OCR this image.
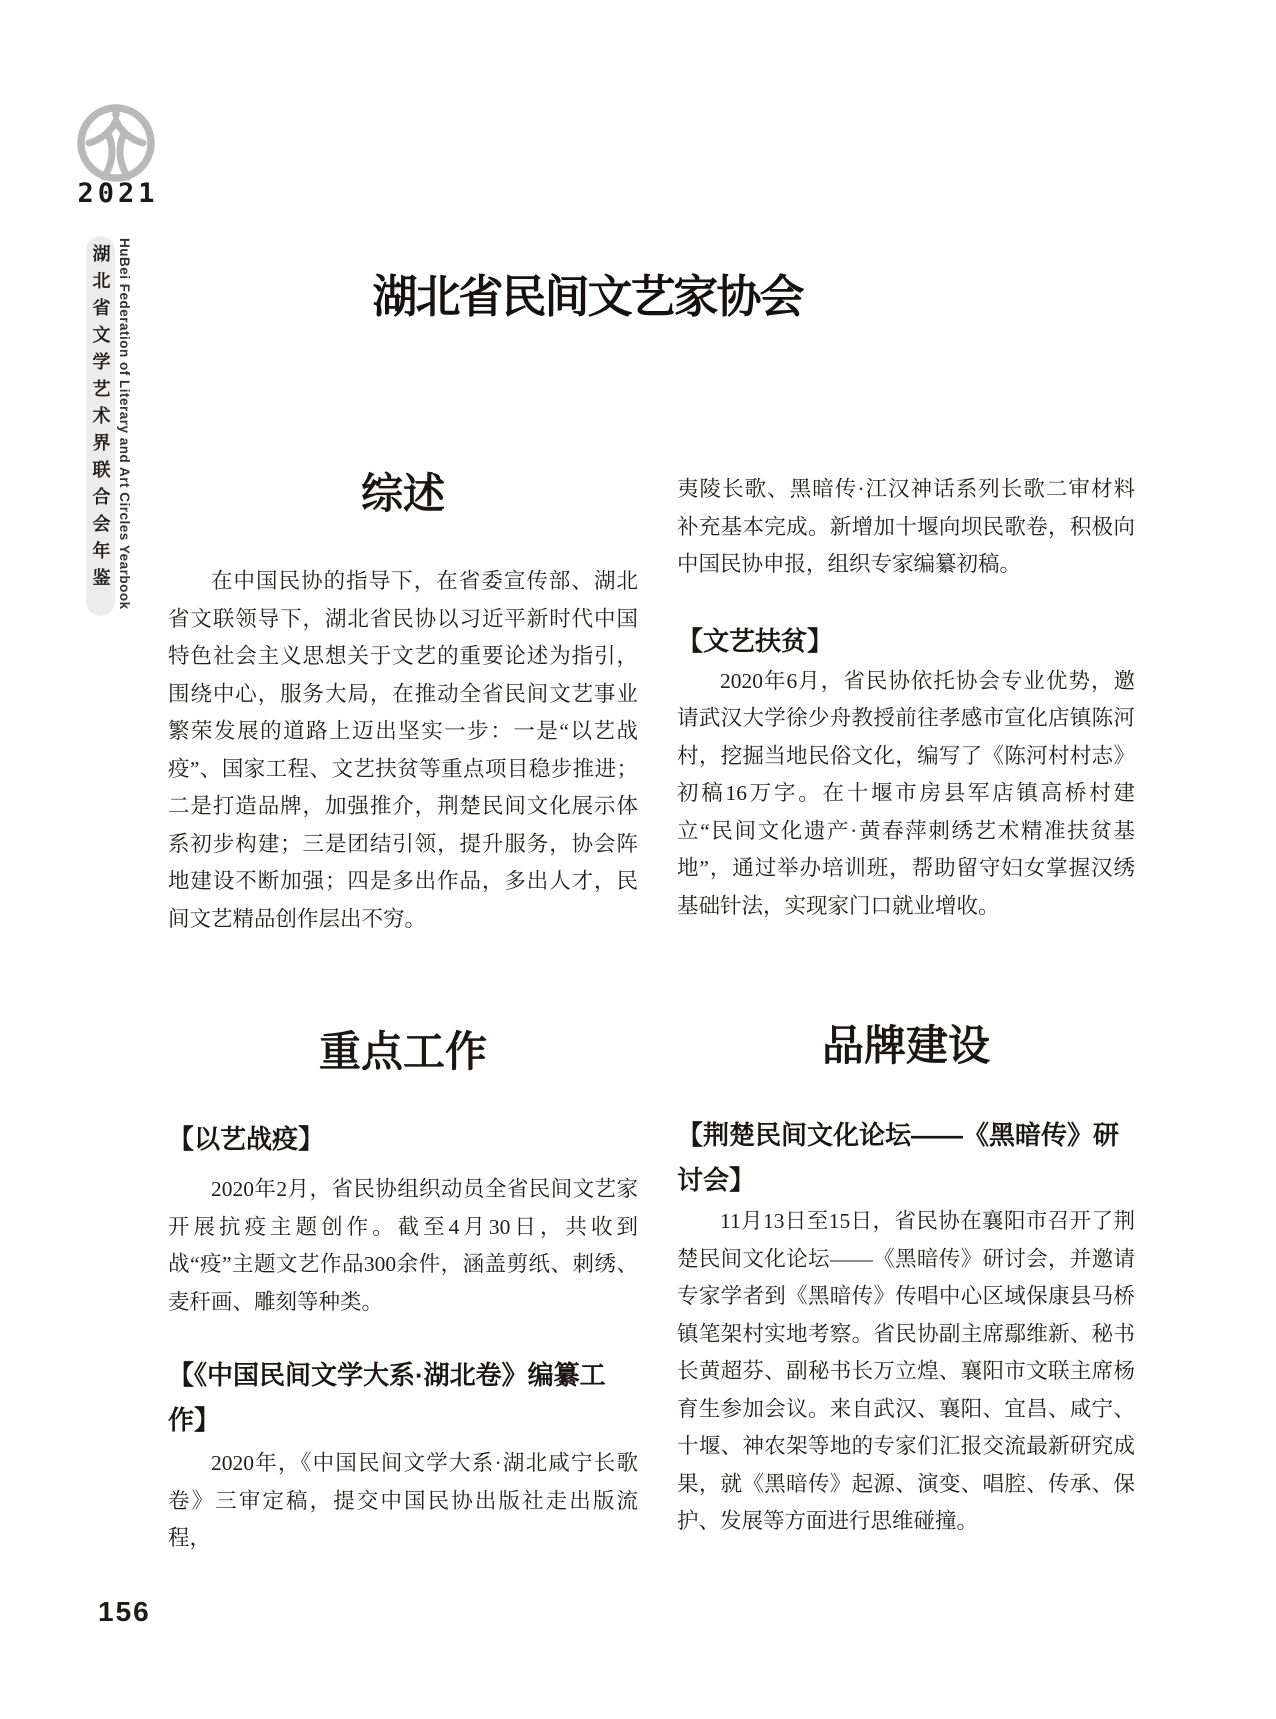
2021
湖北省文学艺术界联合会年鉴 HuBei Federation of Literary and Art Circles Yearbook	湖北省民间文艺家协会
综述

在中国民协的指导下，在省委宣传部、湖北省文联领导下，湖北省民协以习近平新时代中国特色社会主义思想关于文艺的重要论述为指引，围绕中心，服务大局，在推动全省民间文艺事业繁荣发展的道路上迈出坚实一步：一是“以艺战疫”、国家工程、文艺扶贫等重点项目稳步推进；二是打造品牌，加强推介，荆楚民间文化展示体系初步构建；三是团结引领，提升服务，协会阵地建设不断加强；四是多出作品，多出人才，民间文艺精品创作层出不穷。

重点工作
【以艺战疫】

2020年2月，省民协组织动员全省民间文艺家开展抗疫主题创作。截至4月30日，共收到战“疫”主题文艺作品300余件，涵盖剪纸、刺绣、麦秆画、雕刻等种类。

【《中国民间文学大系·湖北卷》编纂工作】

2020年，《中国民间文学大系·湖北咸宁长歌卷》三审定稿，提交中国民协出版社走出版流程，

夷陵长歌、黑暗传·江汉神话系列长歌二审材料补充基本完成。新增加十堰向坝民歌卷，积极向中国民协申报，组织专家编纂初稿。

【文艺扶贫】

2020年6月，省民协依托协会专业优势，邀请武汉大学徐少舟教授前往孝感市宣化店镇陈河村，挖掘当地民俗文化，编写了《陈河村村志》初稿16万字。在十堰市房县军店镇高桥村建立“民间文化遗产·黄春萍刺绣艺术精准扶贫基地”，通过举办培训班，帮助留守妇女掌握汉绣基础针法，实现家门口就业增收。

品牌建设
【荆楚民间文化论坛——《黑暗传》研讨会】

11月13日至15日，省民协在襄阳市召开了荆楚民间文化论坛——《黑暗传》研讨会，并邀请专家学者到《黑暗传》传唱中心区域保康县马桥镇笔架村实地考察。省民协副主席鄢维新、秘书长黄超芬、副秘书长万立煌、襄阳市文联主席杨育生参加会议。来自武汉、襄阳、宜昌、咸宁、十堰、神农架等地的专家们汇报交流最新研究成果，就《黑暗传》起源、演变、唱腔、传承、保护、发展等方面进行思维碰撞。

156
